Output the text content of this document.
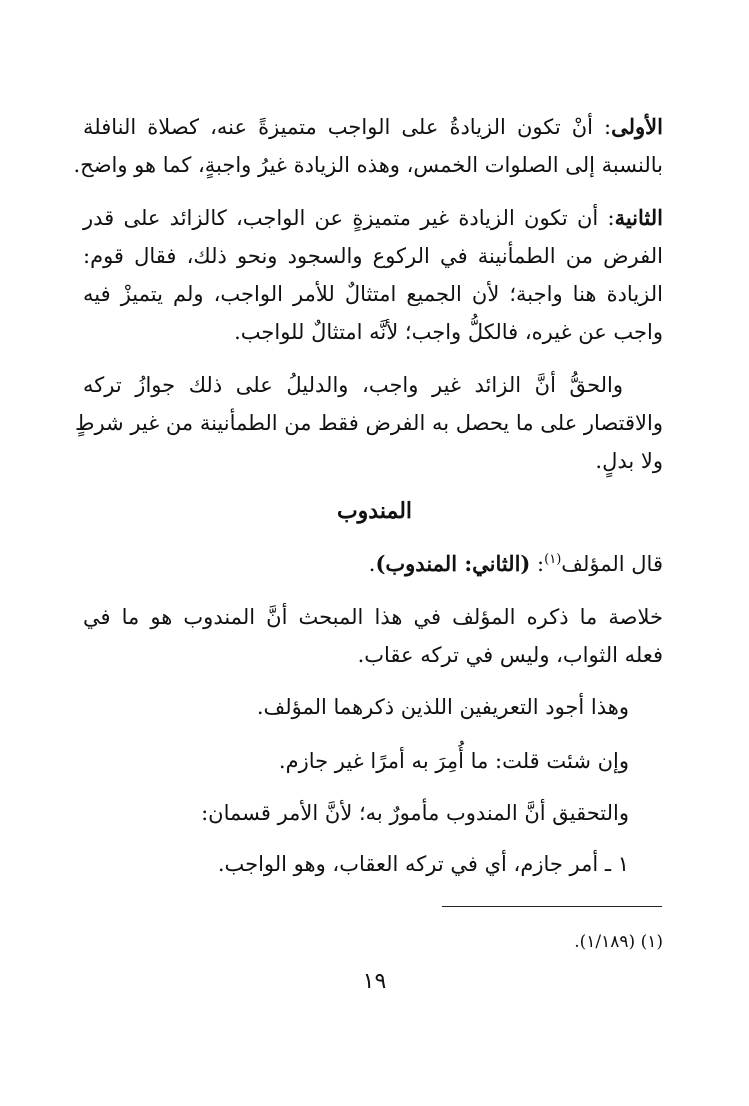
الأولى: أنْ تكون الزيادةُ على الواجب متميزةً عنه، كصلاة النافلة
بالنسبة إلى الصلوات الخمس، وهذه الزيادة غيرُ واجبةٍ، كما هو واضح.
الثانية: أن تكون الزيادة غير متميزةٍ عن الواجب، كالزائد على قدر
الفرض من الطمأنينة في الركوع والسجود ونحو ذلك، فقال قوم:
الزيادة هنا واجبة؛ لأن الجميع امتثالٌ للأمر الواجب، ولم يتميزْ فيه
واجب عن غيره، فالكلُّ واجب؛ لأنَّه امتثالٌ للواجب.
والحقُّ أنَّ الزائد غير واجب، والدليلُ على ذلك جوازُ تركه
والاقتصار على ما يحصل به الفرض فقط من الطمأنينة من غير شرطٍ
ولا بدلٍ.
المندوب
قال المؤلف$^{(١)}$: (الثاني: المندوب).
خلاصة ما ذكره المؤلف في هذا المبحث أنَّ المندوب هو ما في
فعله الثواب، وليس في تركه عقاب.
وهذا أجود التعريفين اللذين ذكرهما المؤلف.
وإن شئت قلت: ما أُمِرَ به أمرًا غير جازم.
والتحقيق أنَّ المندوب مأمورٌ به؛ لأنَّ الأمر قسمان:
١ ـ أمر جازم، أي في تركه العقاب، وهو الواجب.
(١) (١/١٨٩).
١٩
